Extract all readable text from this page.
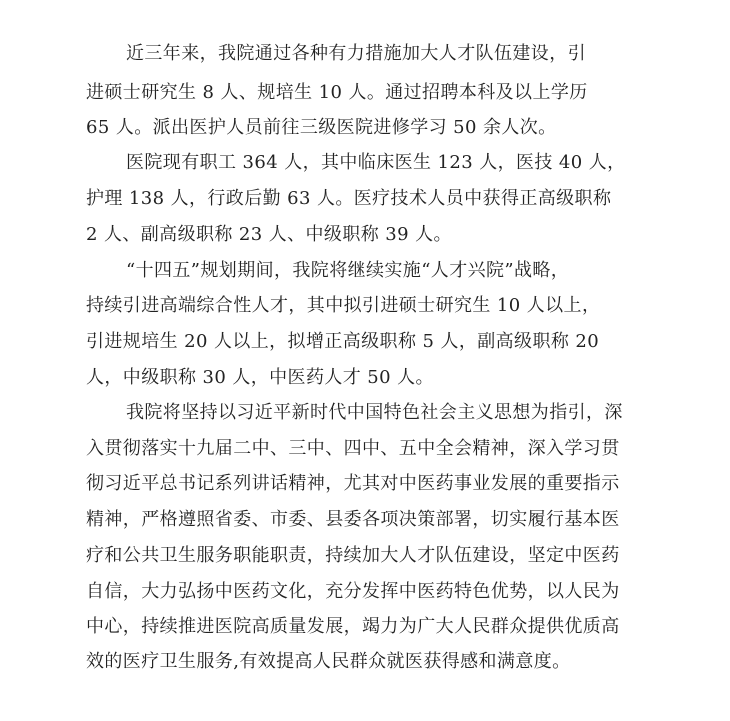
近三年来，我院通过各种有力措施加大人才队伍建设，引
进硕士研究生 8 人、规培生 10 人。通过招聘本科及以上学历
65 人。派出医护人员前往三级医院进修学习 50 余人次。
医院现有职工 364 人，其中临床医生 123 人，医技 40 人，
护理 138 人，行政后勤 63 人。医疗技术人员中获得正高级职称
2 人、副高级职称 23 人、中级职称 39 人。
“十四五”规划期间，我院将继续实施“人才兴院”战略，
持续引进高端综合性人才，其中拟引进硕士研究生 10 人以上，
引进规培生 20 人以上，拟增正高级职称 5 人，副高级职称 20
人，中级职称 30 人，中医药人才 50 人。
我院将坚持以习近平新时代中国特色社会主义思想为指引，深
入贯彻落实十九届二中、三中、四中、五中全会精神，深入学习贯
彻习近平总书记系列讲话精神，尤其对中医药事业发展的重要指示
精神，严格遵照省委、市委、县委各项决策部署，切实履行基本医
疗和公共卫生服务职能职责，持续加大人才队伍建设，坚定中医药
自信，大力弘扬中医药文化，充分发挥中医药特色优势，以人民为
中心，持续推进医院高质量发展，竭力为广大人民群众提供优质高
效的医疗卫生服务,有效提高人民群众就医获得感和满意度。
